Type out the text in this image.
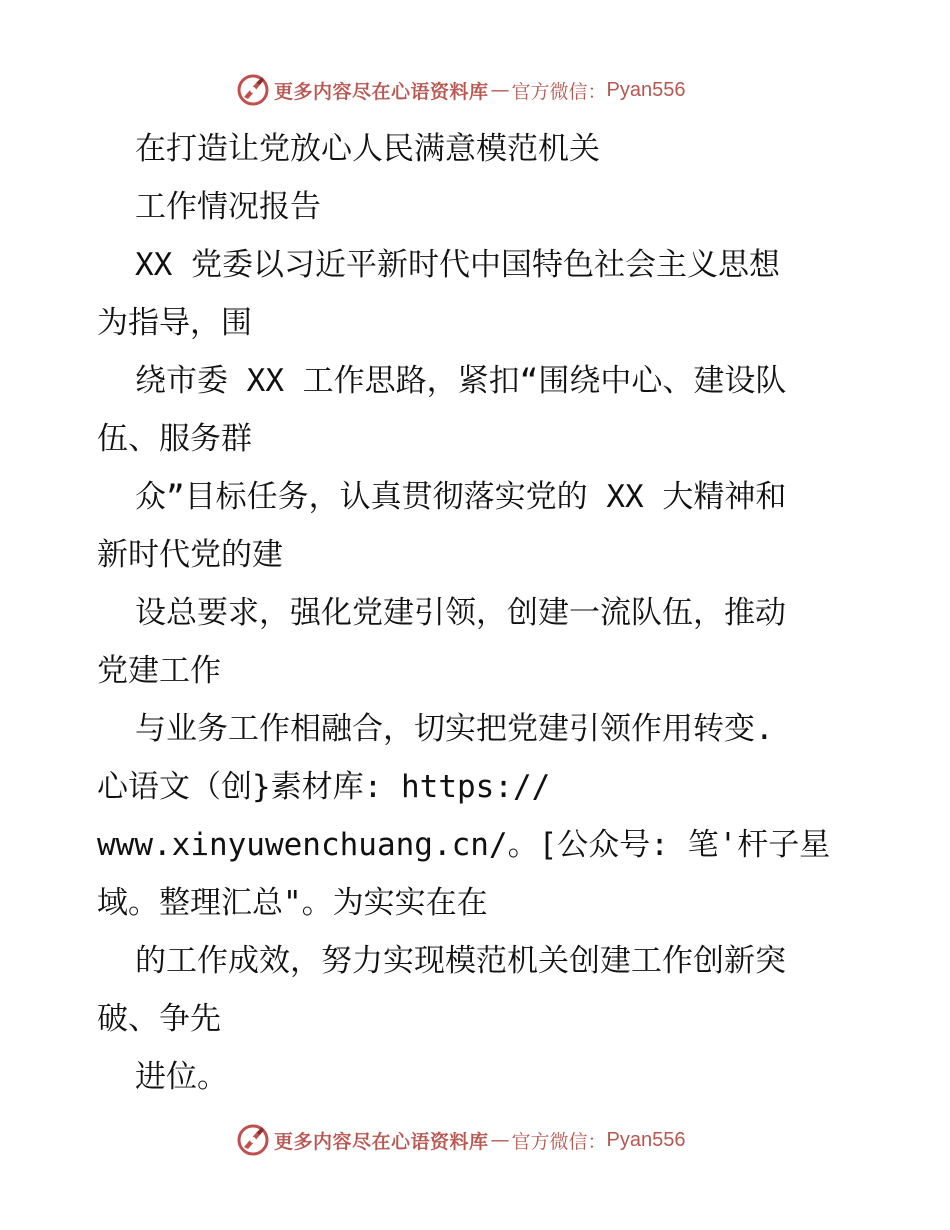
更多内容尽在心语资料库 — 官方微信： Pyan556
在打造让党放心人民满意模范机关
工作情况报告
XX 党委以习近平新时代中国特色社会主义思想
为指导，围
绕市委 XX 工作思路，紧扣“围绕中心、建设队
伍、服务群
众”目标任务，认真贯彻落实党的 XX 大精神和
新时代党的建
设总要求，强化党建引领，创建一流队伍，推动
党建工作
与业务工作相融合，切实把党建引领作用转变.
心语文（创}素材库: https://
www.xinyuwenchuang.cn/。[公众号: 笔'杆子星
域。整理汇总"。为实实在在
的工作成效，努力实现模范机关创建工作创新突
破、争先
进位。
更多内容尽在心语资料库 — 官方微信： Pyan556
